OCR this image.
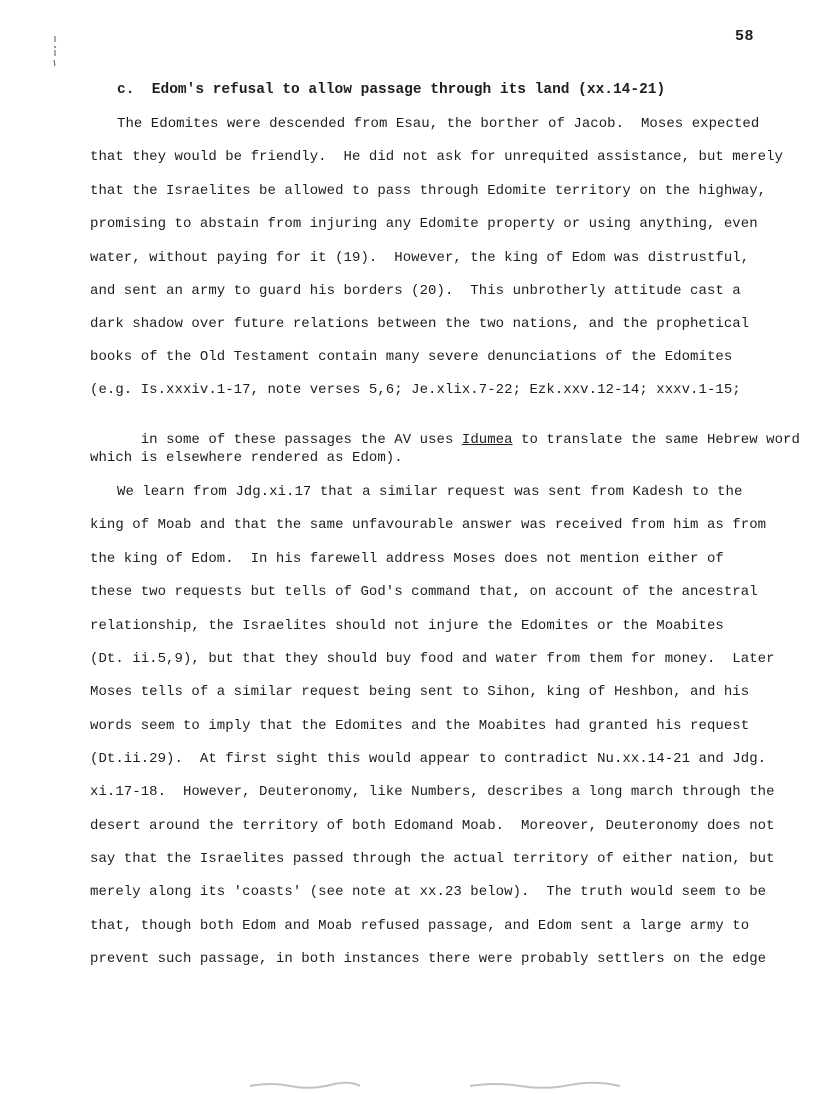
58
c.  Edom's refusal to allow passage through its land (xx.14-21)
The Edomites were descended from Esau, the borther of Jacob.  Moses expected
that they would be friendly.  He did not ask for unrequited assistance, but merely
that the Israelites be allowed to pass through Edomite territory on the highway,
promising to abstain from injuring any Edomite property or using anything, even
water, without paying for it (19).  However, the king of Edom was distrustful,
and sent an army to guard his borders (20).  This unbrotherly attitude cast a
dark shadow over future relations between the two nations, and the prophetical
books of the Old Testament contain many severe denunciations of the Edomites
(e.g. Is.xxxiv.1-17, note verses 5,6; Je.xlix.7-22; Ezk.xxv.12-14; xxxv.1-15;

in some of these passages the AV uses Idumea to translate the same Hebrew word

which is elsewhere rendered as Edom).
We learn from Jdg.xi.17 that a similar request was sent from Kadesh to the
king of Moab and that the same unfavourable answer was received from him as from
the king of Edom.  In his farewell address Moses does not mention either of
these two requests but tells of God's command that, on account of the ancestral
relationship, the Israelites should not injure the Edomites or the Moabites
(Dt. ii.5,9), but that they should buy food and water from them for money.  Later
Moses tells of a similar request being sent to Sihon, king of Heshbon, and his
words seem to imply that the Edomites and the Moabites had granted his request
(Dt.ii.29).  At first sight this would appear to contradict Nu.xx.14-21 and Jdg.
xi.17-18.  However, Deuteronomy, like Numbers, describes a long march through the
desert around the territory of both Edomand Moab.  Moreover, Deuteronomy does not
say that the Israelites passed through the actual territory of either nation, but
merely along its 'coasts' (see note at xx.23 below).  The truth would seem to be
that, though both Edom and Moab refused passage, and Edom sent a large army to
prevent such passage, in both instances there were probably settlers on the edge
